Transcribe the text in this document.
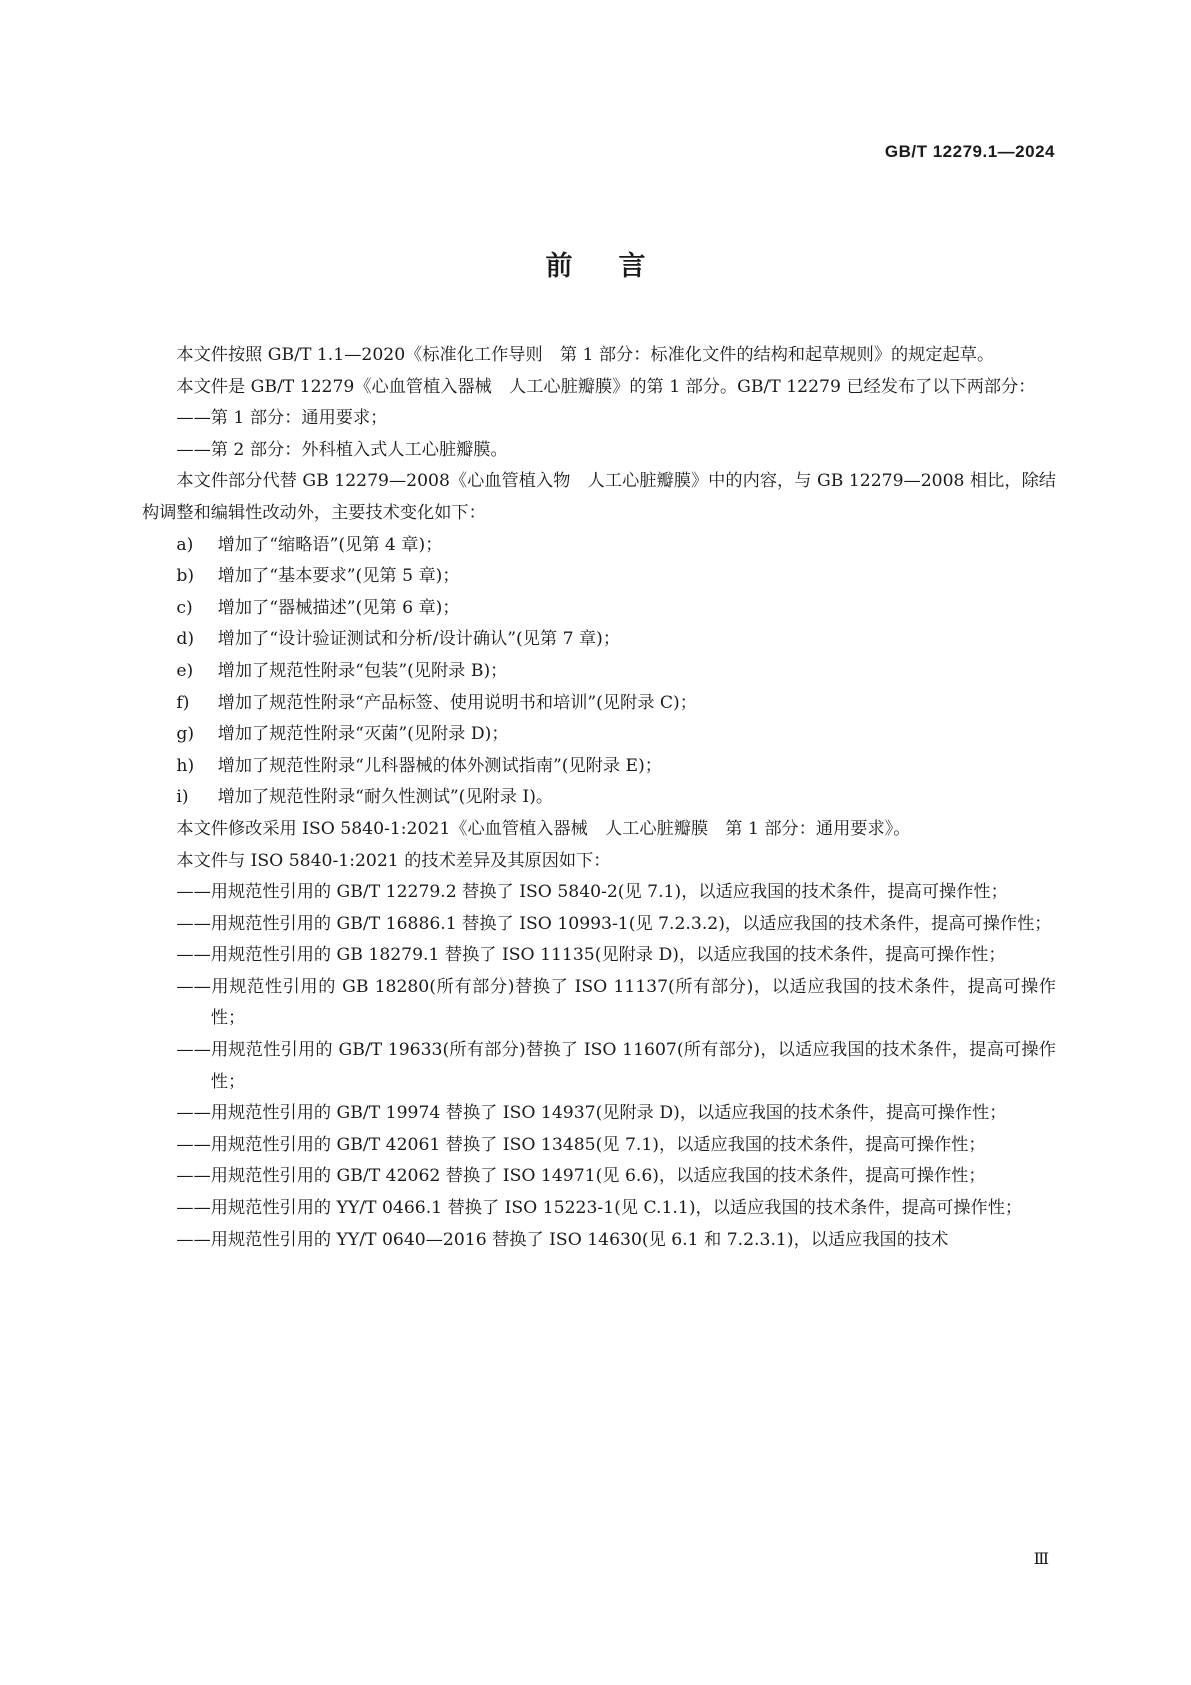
GB/T 12279.1—2024
前言

本文件按照 GB/T 1.1—2020《标准化工作导则　第 1 部分：标准化文件的结构和起草规则》的规定起草。

本文件是 GB/T 12279《心血管植入器械　人工心脏瓣膜》的第 1 部分。GB/T 12279 已经发布了以下两部分：

——第 1 部分：通用要求；

——第 2 部分：外科植入式人工心脏瓣膜。

本文件部分代替 GB 12279—2008《心血管植入物　人工心脏瓣膜》中的内容，与 GB 12279—2008 相比，除结构调整和编辑性改动外，主要技术变化如下：

a) 增加了“缩略语”(见第 4 章)；

b) 增加了“基本要求”(见第 5 章)；

c) 增加了“器械描述”(见第 6 章)；

d) 增加了“设计验证测试和分析/设计确认”(见第 7 章)；

e) 增加了规范性附录“包装”(见附录 B)；

f) 增加了规范性附录“产品标签、使用说明书和培训”(见附录 C)；

g) 增加了规范性附录“灭菌”(见附录 D)；

h) 增加了规范性附录“儿科器械的体外测试指南”(见附录 E)；

i) 增加了规范性附录“耐久性测试”(见附录 I)。

本文件修改采用 ISO 5840-1:2021《心血管植入器械　人工心脏瓣膜　第 1 部分：通用要求》。

本文件与 ISO 5840-1:2021 的技术差异及其原因如下：

——用规范性引用的 GB/T 12279.2 替换了 ISO 5840-2(见 7.1)，以适应我国的技术条件，提高可操作性；

——用规范性引用的 GB/T 16886.1 替换了 ISO 10993-1(见 7.2.3.2)，以适应我国的技术条件，提高可操作性；

——用规范性引用的 GB 18279.1 替换了 ISO 11135(见附录 D)，以适应我国的技术条件，提高可操作性；

——用规范性引用的 GB 18280(所有部分)替换了 ISO 11137(所有部分)，以适应我国的技术条件，提高可操作性；

——用规范性引用的 GB/T 19633(所有部分)替换了 ISO 11607(所有部分)，以适应我国的技术条件，提高可操作性；

——用规范性引用的 GB/T 19974 替换了 ISO 14937(见附录 D)，以适应我国的技术条件，提高可操作性；

——用规范性引用的 GB/T 42061 替换了 ISO 13485(见 7.1)，以适应我国的技术条件，提高可操作性；

——用规范性引用的 GB/T 42062 替换了 ISO 14971(见 6.6)，以适应我国的技术条件，提高可操作性；

——用规范性引用的 YY/T 0466.1 替换了 ISO 15223-1(见 C.1.1)，以适应我国的技术条件，提高可操作性；

——用规范性引用的 YY/T 0640—2016 替换了 ISO 14630(见 6.1 和 7.2.3.1)，以适应我国的技术

Ⅲ
